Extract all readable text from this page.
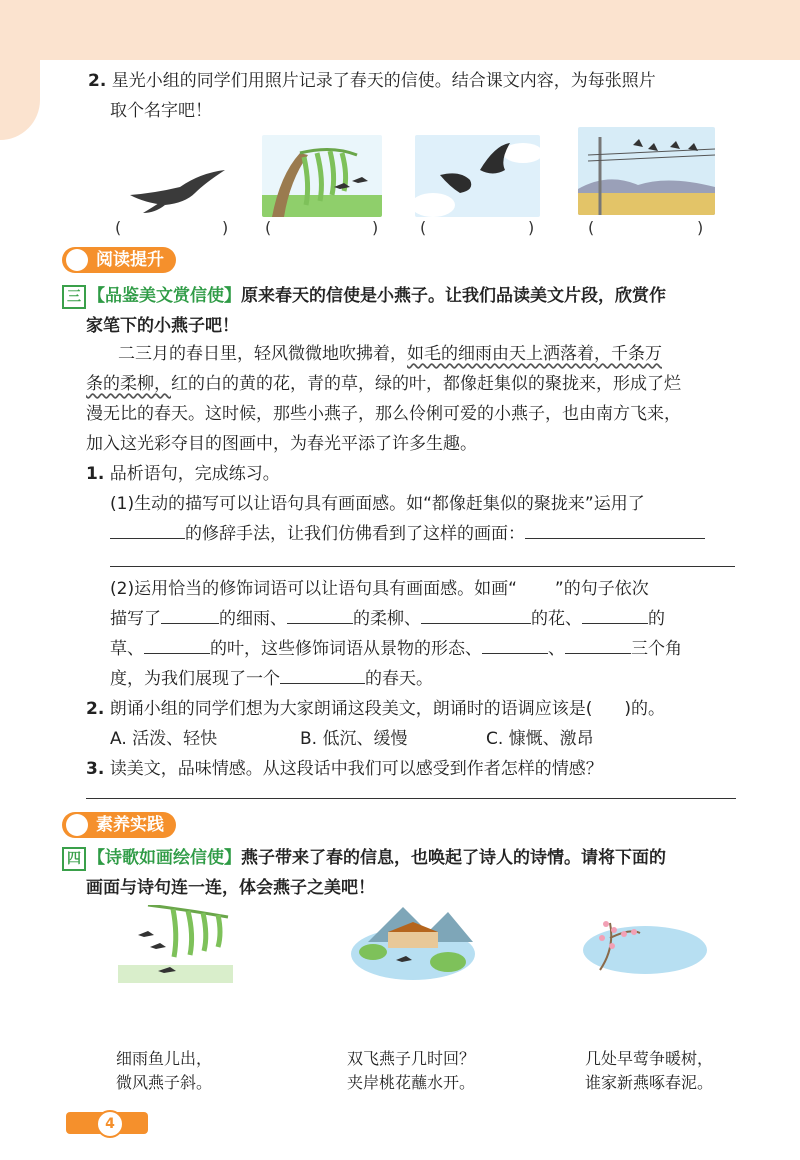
2. 星光小组的同学们用照片记录了春天的信使。结合课文内容，为每张照片
取个名字吧！
(	) (	)	(	)	(	)
阅读提升
三 【品鉴美文赏信使】原来春天的信使是小燕子。让我们品读美文片段，欣赏作
家笔下的小燕子吧！
二三月的春日里，轻风微微地吹拂着，如毛的细雨由天上洒落着，千条万
条的柔柳，红的白的黄的花，青的草，绿的叶，都像赶集似的聚拢来，形成了烂
漫无比的春天。这时候，那些小燕子，那么伶俐可爱的小燕子，也由南方飞来，
加入这光彩夺目的图画中，为春光平添了许多生趣。
1. 品析语句，完成练习。
(1)生动的描写可以让语句具有画面感。如“都像赶集似的聚拢来”运用了
的修辞手法，让我们仿佛看到了这样的画面：
(2)运用恰当的修饰词语可以让语句具有画面感。如画“ ”的句子依次
描写了	的细雨、	的柔柳、	的花、	的
草、	的叶，这些修饰词语从景物的形态、	、	三个角
度，为我们展现了一个	的春天。
2. 朗诵小组的同学们想为大家朗诵这段美文，朗诵时的语调应该是( )的。
A. 活泼、轻快	B. 低沉、缓慢	C. 慷慨、激昂
3. 读美文，品味情感。从这段话中我们可以感受到作者怎样的情感？
素养实践
四 【诗歌如画绘信使】燕子带来了春的信息，也唤起了诗人的诗情。请将下面的
画面与诗句连一连，体会燕子之美吧！
细雨鱼儿出，
微风燕子斜。
双飞燕子几时回？
夹岸桃花蘸水开。
几处早莺争暖树，
谁家新燕啄春泥。
4
